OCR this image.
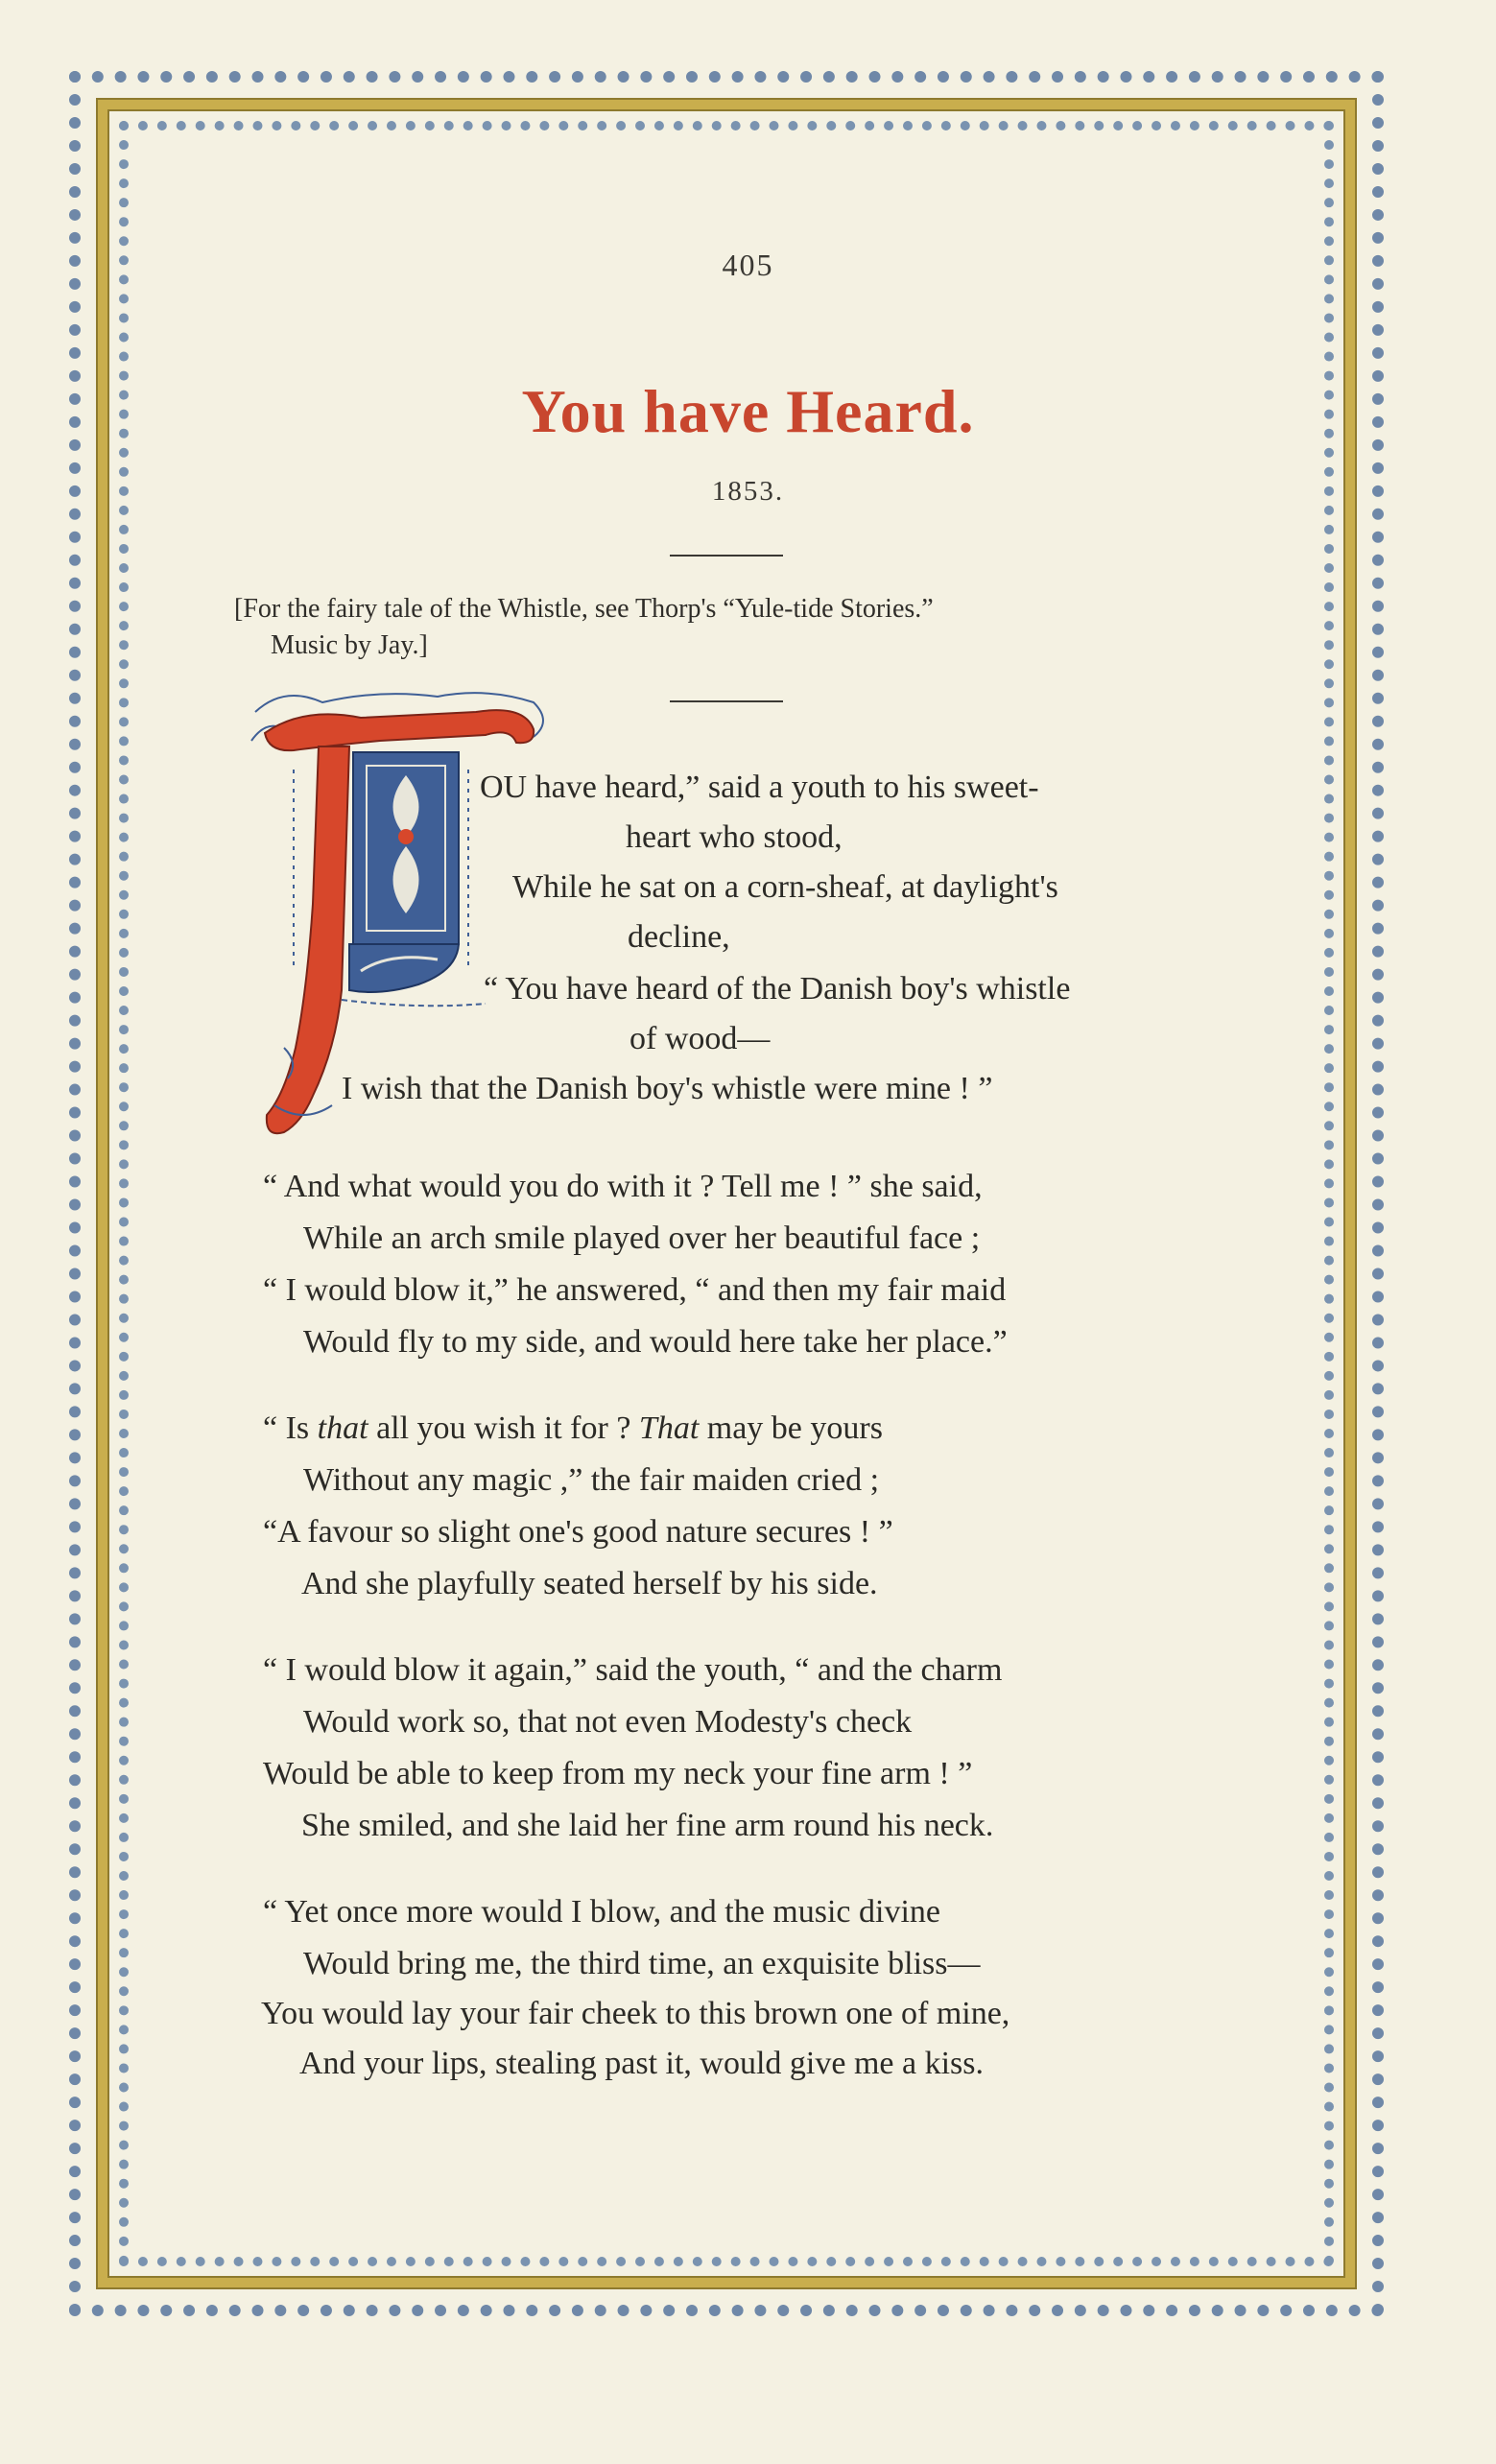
405
You have Heard.
1853.
[For the fairy tale of the Whistle, see Thorp's “Yule-tide Stories.”
Music by Jay.]
OU have heard,” said a youth to his sweet-
heart who stood,
While he sat on a corn-sheaf, at daylight's
decline,
“ You have heard of the Danish boy's whistle
of wood—
I wish that the Danish boy's whistle were mine ! ”
“ And what would you do with it ? Tell me ! ” she said,
While an arch smile played over her beautiful face ;
“ I would blow it,” he answered, “ and then my fair maid
Would fly to my side, and would here take her place.”
“ Is that all you wish it for ? That may be yours
Without any magic ,” the fair maiden cried ;
“A favour so slight one's good nature secures ! ”
And she playfully seated herself by his side.
“ I would blow it again,” said the youth, “ and the charm
Would work so, that not even Modesty's check
Would be able to keep from my neck your fine arm ! ”
She smiled, and she laid her fine arm round his neck.
“ Yet once more would I blow, and the music divine
Would bring me, the third time, an exquisite bliss—
You would lay your fair cheek to this brown one of mine,
And your lips, stealing past it, would give me a kiss.
